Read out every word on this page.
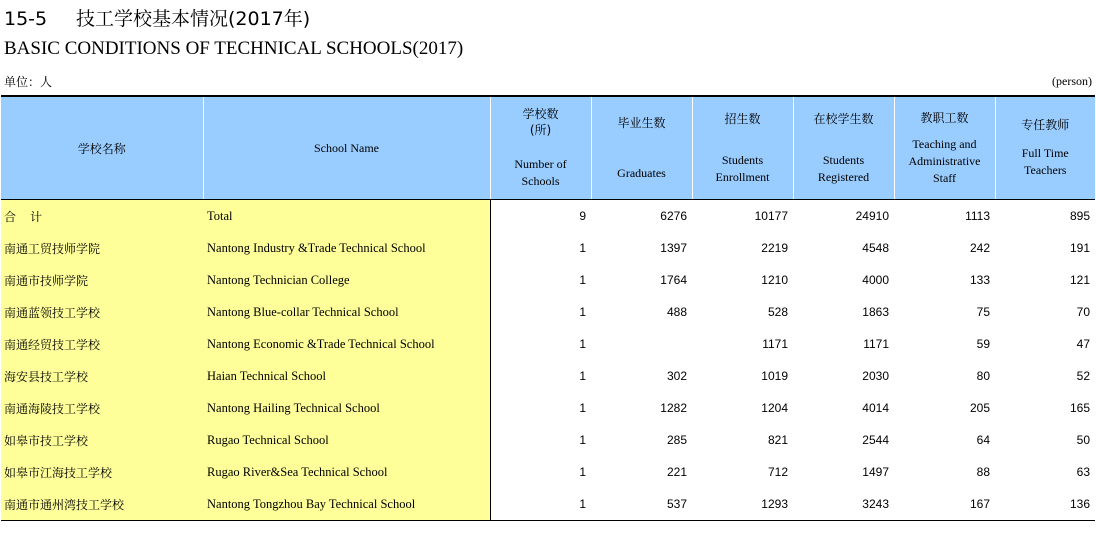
15-5 技工学校基本情况(2017年)
BASIC CONDITIONS OF TECHNICAL SCHOOLS(2017)
单位：人	(person)
学校名称	School Name	学校数
(所)
Number of
Schools	毕业生数
Graduates	招生数
Students
Enrollment	在校学生数
Students
Registered	教职工数
Teaching and
Administrative
Staff	专任教师
Full Time
Teachers

合计	Total	9	6276	10177	24910	1113	895
南通工贸技师学院	Nantong Industry &Trade Technical School	1	1397	2219	4548	242	191
南通市技师学院	Nantong Technician College	1	1764	1210	4000	133	121
南通蓝领技工学校	Nantong Blue-collar Technical School	1	488	528	1863	75	70
南通经贸技工学校	Nantong Economic &Trade Technical School	1		1171	1171	59	47
海安县技工学校	Haian Technical School	1	302	1019	2030	80	52
南通海陵技工学校	Nantong Hailing Technical School	1	1282	1204	4014	205	165
如皋市技工学校	Rugao Technical School	1	285	821	2544	64	50
如皋市江海技工学校	Rugao River&Sea Technical School	1	221	712	1497	88	63
南通市通州湾技工学校	Nantong Tongzhou Bay Technical School	1	537	1293	3243	167	136
